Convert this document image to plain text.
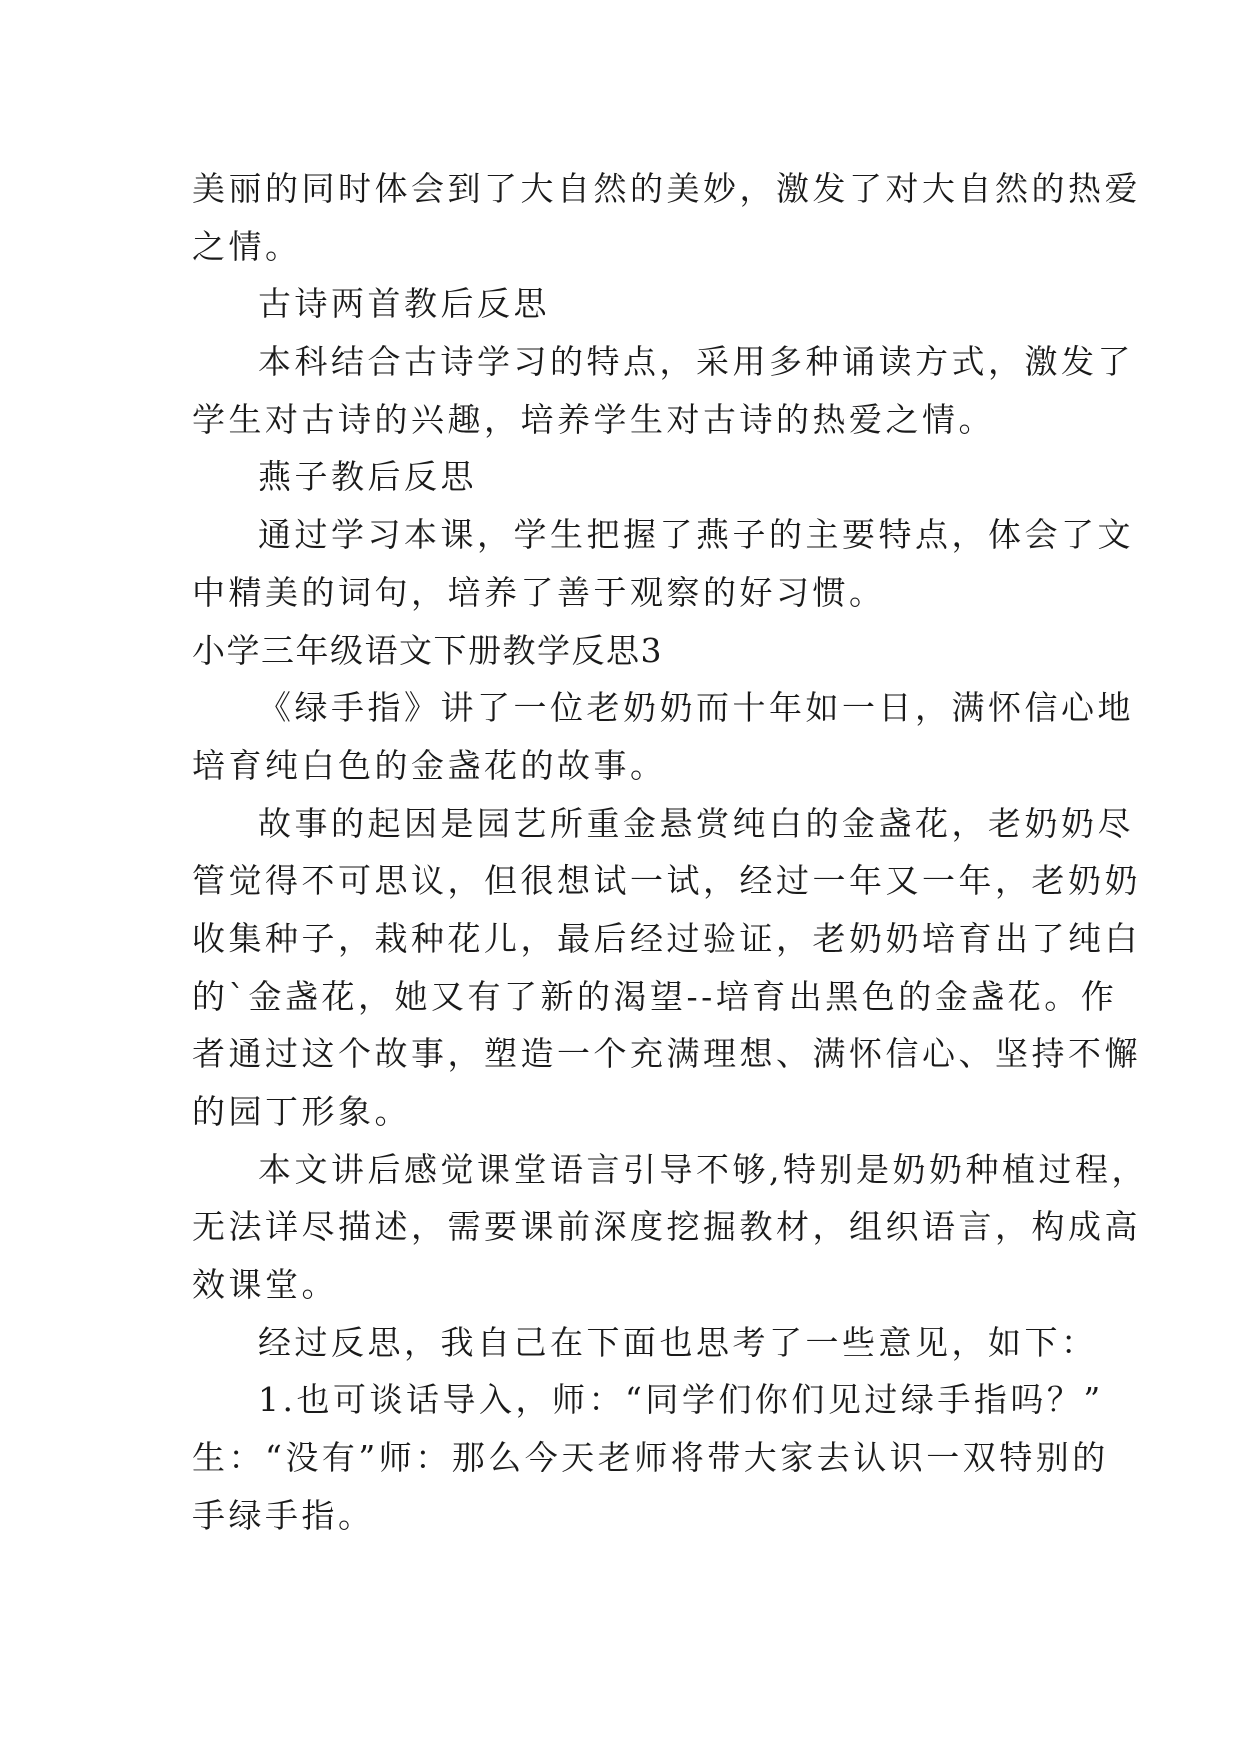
美丽的同时体会到了大自然的美妙，激发了对大自然的热爱
之情。
古诗两首教后反思
本科结合古诗学习的特点，采用多种诵读方式，激发了
学生对古诗的兴趣，培养学生对古诗的热爱之情。
燕子教后反思
通过学习本课，学生把握了燕子的主要特点，体会了文
中精美的词句，培养了善于观察的好习惯。
小学三年级语文下册教学反思3
《绿手指》讲了一位老奶奶而十年如一日，满怀信心地
培育纯白色的金盏花的故事。
故事的起因是园艺所重金悬赏纯白的金盏花，老奶奶尽
管觉得不可思议，但很想试一试，经过一年又一年，老奶奶
收集种子，栽种花儿，最后经过验证，老奶奶培育出了纯白
的`金盏花，她又有了新的渴望--培育出黑色的金盏花。作
者通过这个故事，塑造一个充满理想、满怀信心、坚持不懈
的园丁形象。
本文讲后感觉课堂语言引导不够,特别是奶奶种植过程，
无法详尽描述，需要课前深度挖掘教材，组织语言，构成高
效课堂。
经过反思，我自己在下面也思考了一些意见，如下：
1.也可谈话导入，师：“同学们你们见过绿手指吗？”
生：“没有”师：那么今天老师将带大家去认识一双特别的
手绿手指。
